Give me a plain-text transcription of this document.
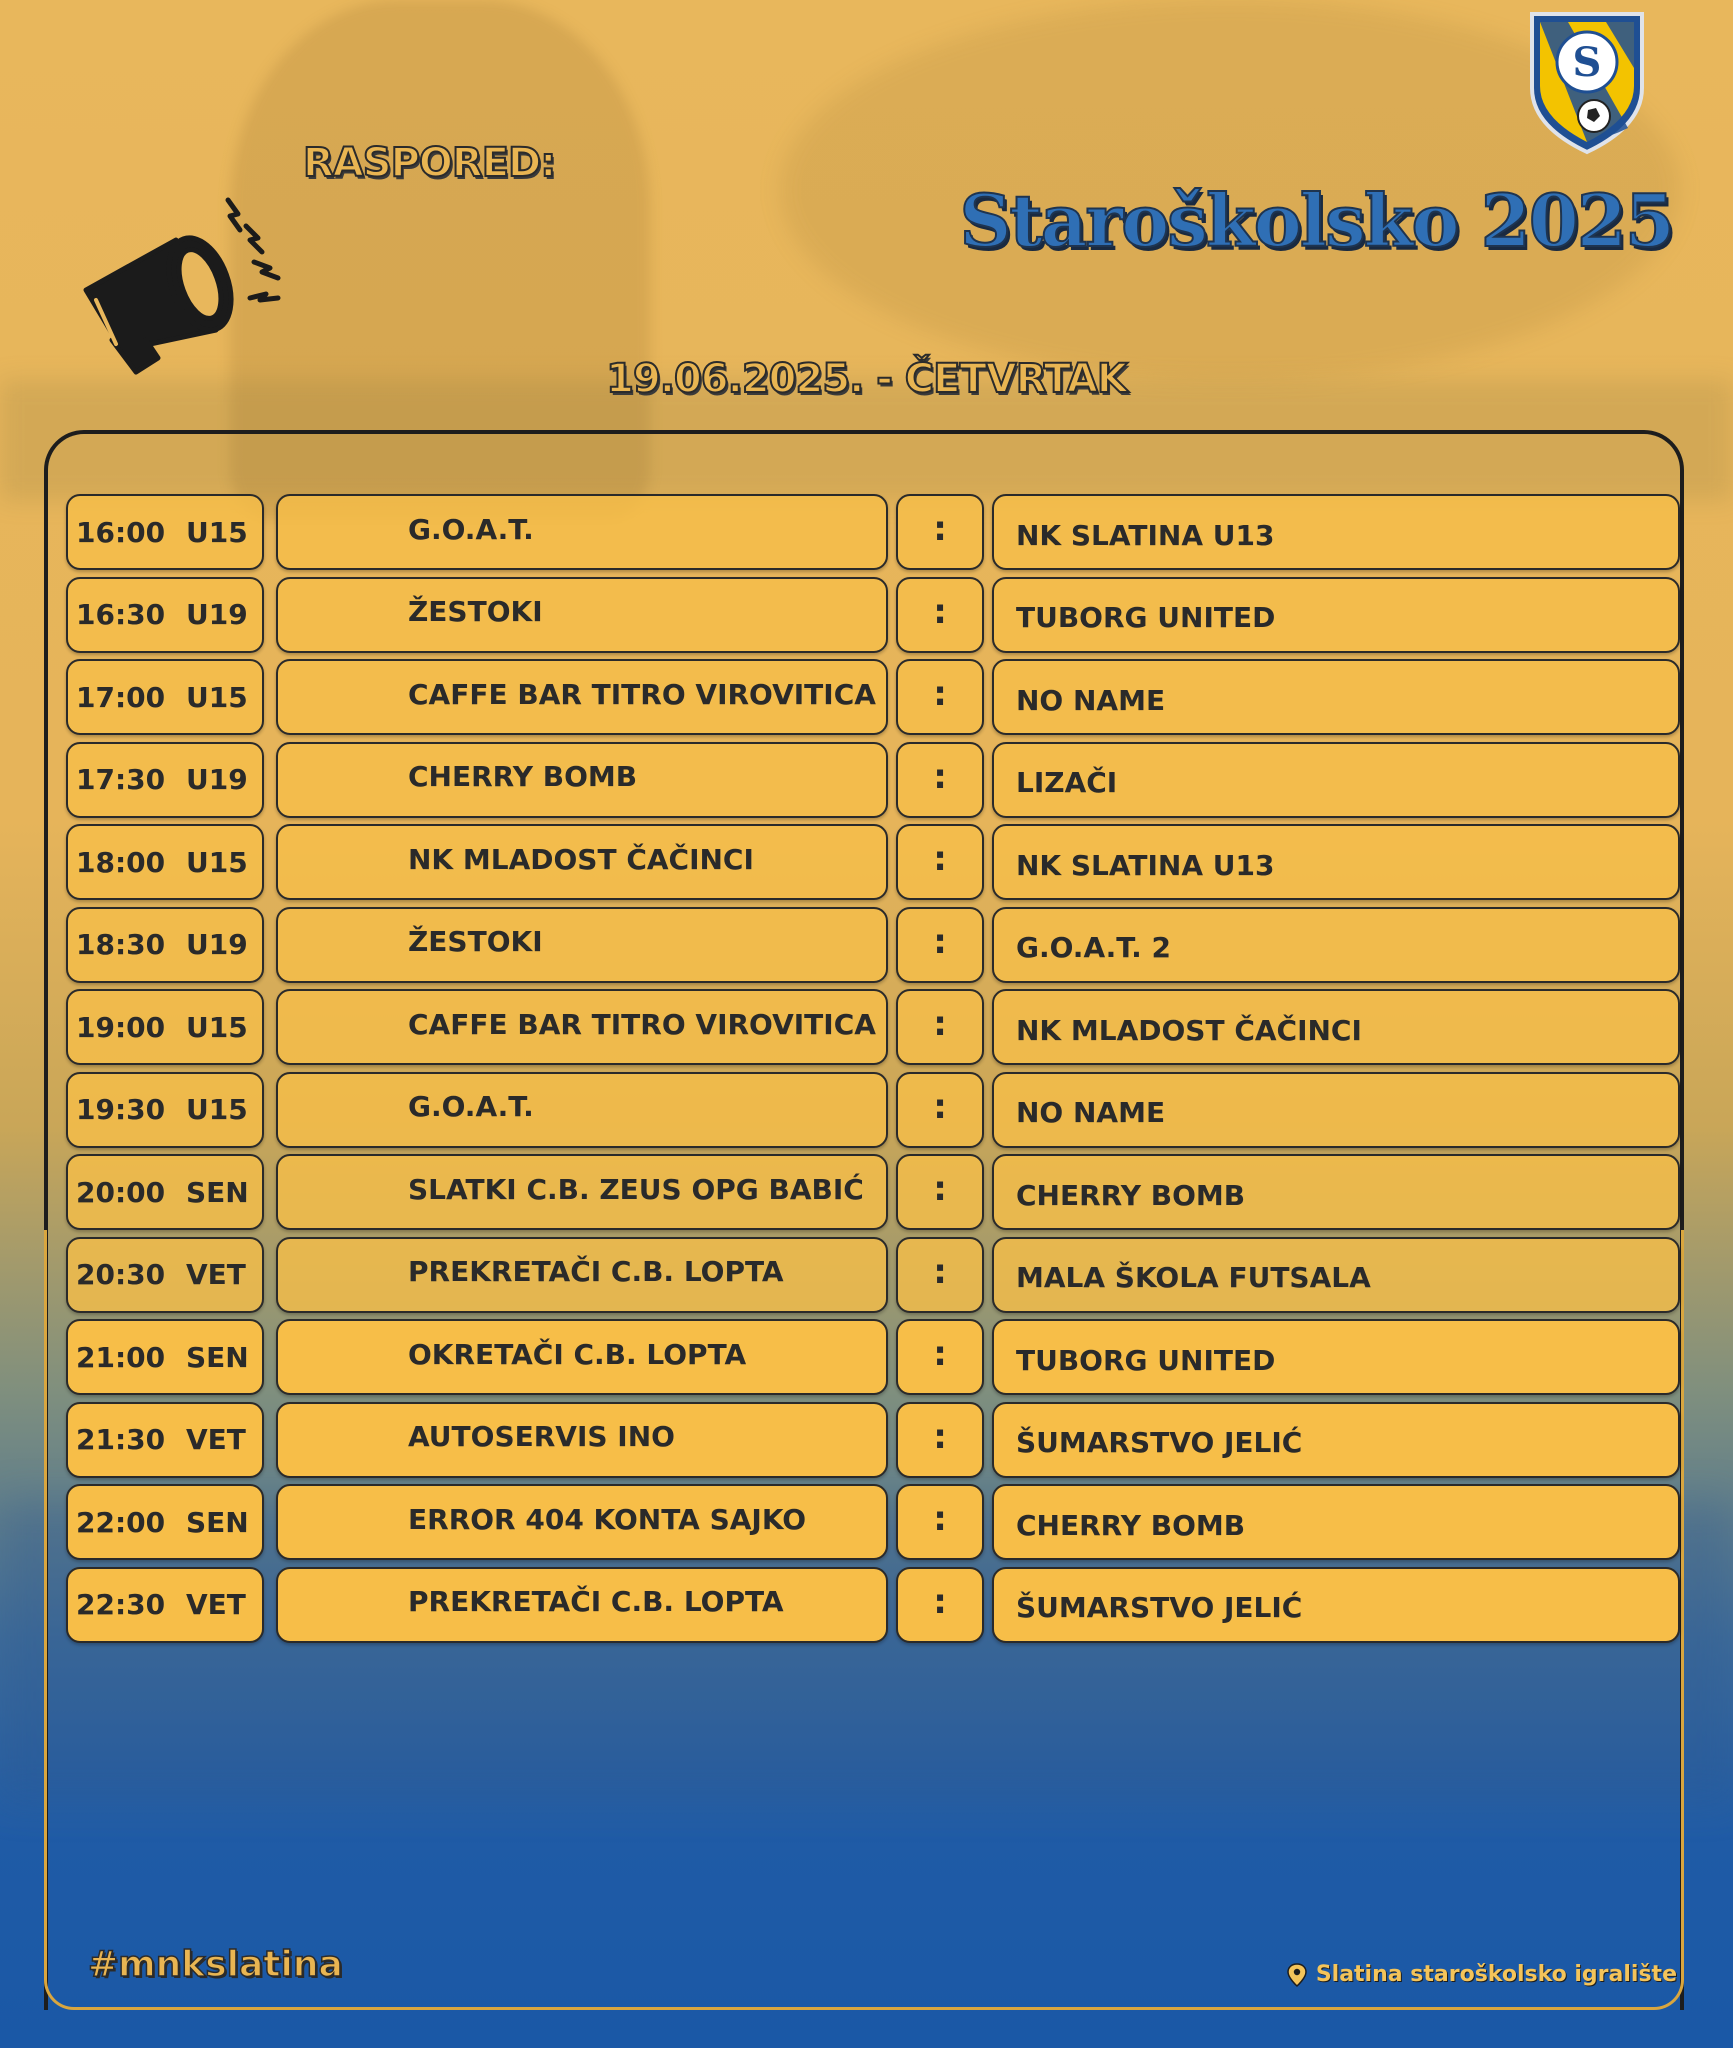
S
RASPORED:
Staroškolsko 2025
19.06.2025. - ČETVRTAK
16:00 U15	G.O.A.T.	:	NK SLATINA U13
16:30 U19	ŽESTOKI	:	TUBORG UNITED
17:00 U15	CAFFE BAR TITRO VIROVITICA	:	NO NAME
17:30 U19	CHERRY BOMB	:	LIZAČI
18:00 U15	NK MLADOST ČAČINCI	:	NK SLATINA U13
18:30 U19	ŽESTOKI	:	G.O.A.T. 2
19:00 U15	CAFFE BAR TITRO VIROVITICA	:	NK MLADOST ČAČINCI
19:30 U15	G.O.A.T.	:	NO NAME
20:00 SEN	SLATKI C.B. ZEUS OPG BABIĆ	:	CHERRY BOMB
20:30 VET	PREKRETAČI C.B. LOPTA	:	MALA ŠKOLA FUTSALA
21:00 SEN	OKRETAČI C.B. LOPTA	:	TUBORG UNITED
21:30 VET	AUTOSERVIS INO	:	ŠUMARSTVO JELIĆ
22:00 SEN	ERROR 404 KONTA SAJKO	:	CHERRY BOMB
22:30 VET	PREKRETAČI C.B. LOPTA	:	ŠUMARSTVO JELIĆ
#mnkslatina	Slatina staroškolsko igralište
